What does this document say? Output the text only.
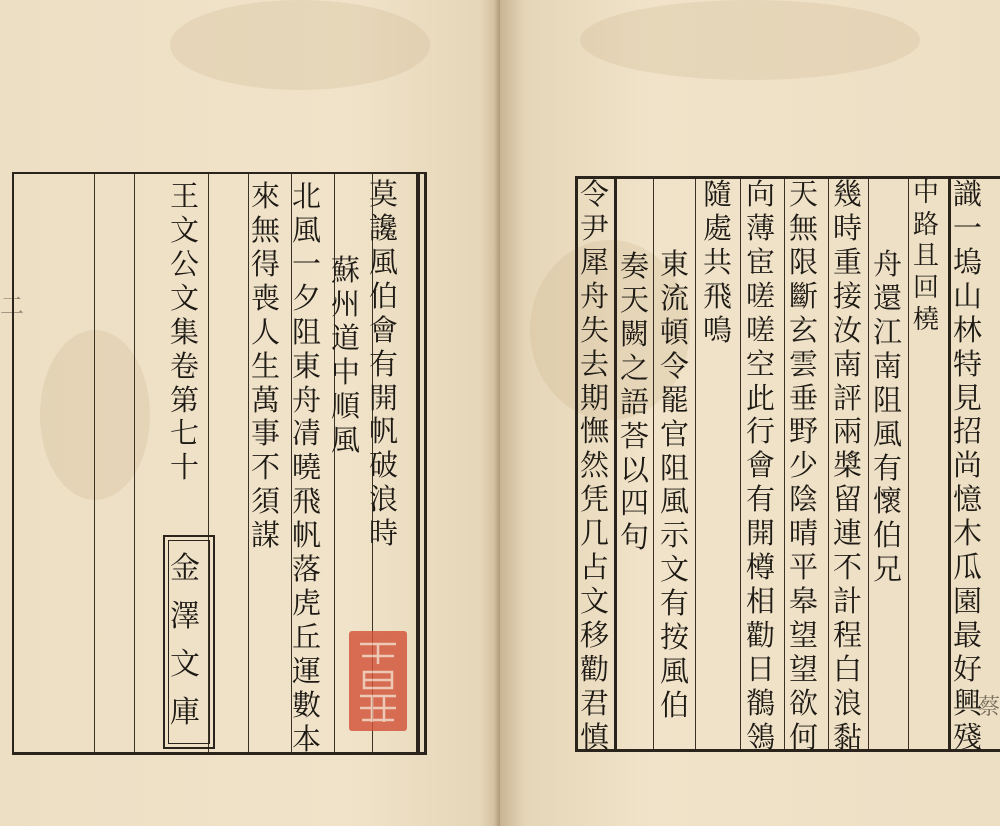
莫
讒
風
伯
會
有
開
帆
破
浪
時
蘇
州
道
中
順
風
北
風
一
夕
阻
東
舟
凊
曉
飛
帆
落
虎
丘
運
數
本
來
無
得
喪
人
生
萬
事
不
須
謀
王
文
公
文
集
卷
第
七
十
金
澤
文
庫
二
識
一
塢
山
林
特
見
招
尚
憶
木
瓜
園
最
好
興
殘
中
路
且
回
橈
舟
還
江
南
阻
風
有
懷
伯
兄
幾
時
重
接
汝
南
評
兩
槳
留
連
不
計
程
白
浪
黏
天
無
限
斷
玄
雲
垂
野
少
陰
晴
平
皋
望
望
欲
何
向
薄
宦
嗟
嗟
空
此
行
會
有
開
樽
相
勸
日
鶺
鴒
隨
處
共
飛
鳴
東
流
頓
令
罷
官
阻
風
示
文
有
按
風
伯
奏
天
闕
之
語
荅
以
四
句
令
尹
犀
舟
失
去
期
憮
然
凭
几
占
文
移
勸
君
慎
蔡
